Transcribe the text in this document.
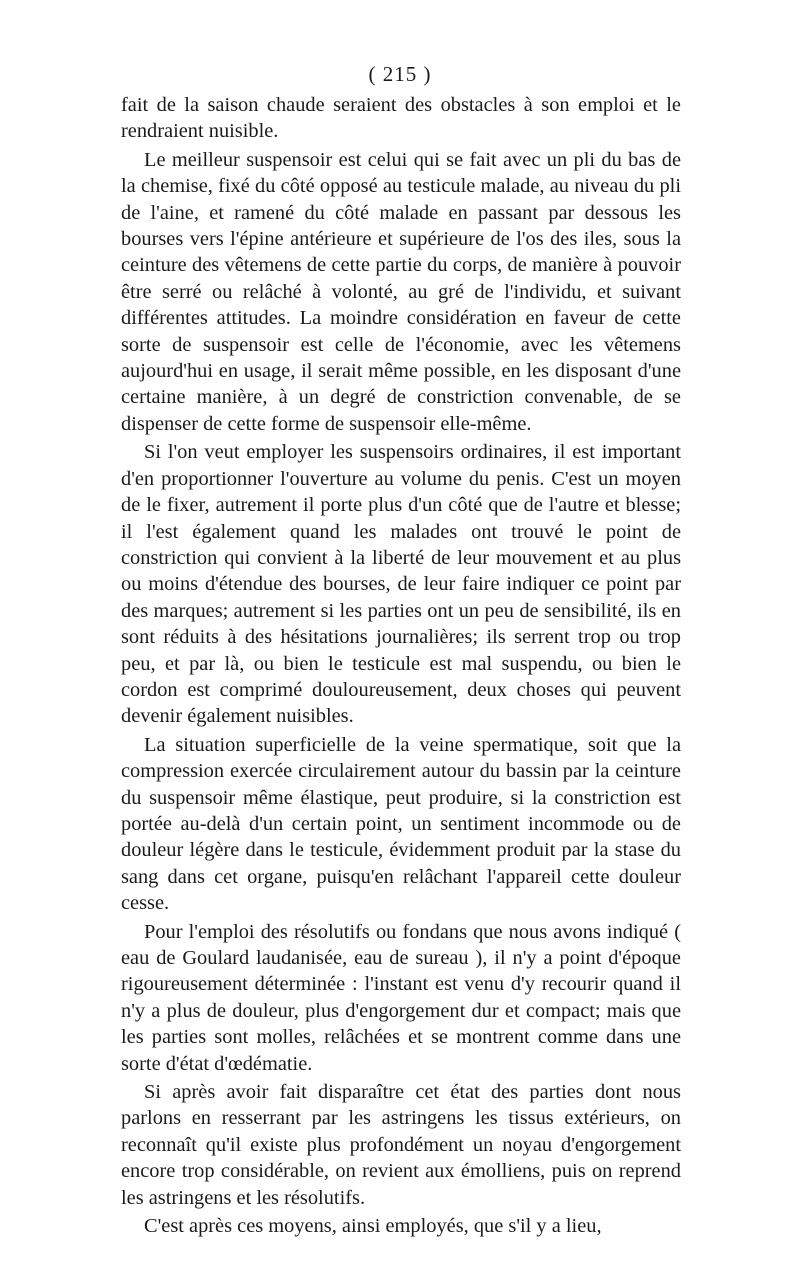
( 215 )

fait de la saison chaude seraient des obstacles à son emploi et le rendraient nuisible.

Le meilleur suspensoir est celui qui se fait avec un pli du bas de la chemise, fixé du côté opposé au testicule malade, au niveau du pli de l'aine, et ramené du côté malade en passant par dessous les bourses vers l'épine antérieure et supérieure de l'os des iles, sous la ceinture des vêtemens de cette partie du corps, de manière à pouvoir être serré ou relâché à volonté, au gré de l'individu, et suivant différentes attitudes. La moindre considération en faveur de cette sorte de suspensoir est celle de l'économie, avec les vêtemens aujourd'hui en usage, il serait même possible, en les disposant d'une certaine manière, à un degré de constriction convenable, de se dispenser de cette forme de suspensoir elle-même.

Si l'on veut employer les suspensoirs ordinaires, il est important d'en proportionner l'ouverture au volume du penis. C'est un moyen de le fixer, autrement il porte plus d'un côté que de l'autre et blesse; il l'est également quand les malades ont trouvé le point de constriction qui convient à la liberté de leur mouvement et au plus ou moins d'étendue des bourses, de leur faire indiquer ce point par des marques; autrement si les parties ont un peu de sensibilité, ils en sont réduits à des hésitations journalières; ils serrent trop ou trop peu, et par là, ou bien le testicule est mal suspendu, ou bien le cordon est comprimé douloureusement, deux choses qui peuvent devenir également nuisibles.

La situation superficielle de la veine spermatique, soit que la compression exercée circulairement autour du bassin par la ceinture du suspensoir même élastique, peut produire, si la constriction est portée au-delà d'un certain point, un sentiment incommode ou de douleur légère dans le testicule, évidemment produit par la stase du sang dans cet organe, puisqu'en relâchant l'appareil cette douleur cesse.

Pour l'emploi des résolutifs ou fondans que nous avons indiqué ( eau de Goulard laudanisée, eau de sureau ), il n'y a point d'époque rigoureusement déterminée : l'instant est venu d'y recourir quand il n'y a plus de douleur, plus d'engorgement dur et compact; mais que les parties sont molles, relâchées et se montrent comme dans une sorte d'état d'œdématie.

Si après avoir fait disparaître cet état des parties dont nous parlons en resserrant par les astringens les tissus extérieurs, on reconnaît qu'il existe plus profondément un noyau d'engorgement encore trop considérable, on revient aux émolliens, puis on reprend les astringens et les résolutifs.

C'est après ces moyens, ainsi employés, que s'il y a lieu,
